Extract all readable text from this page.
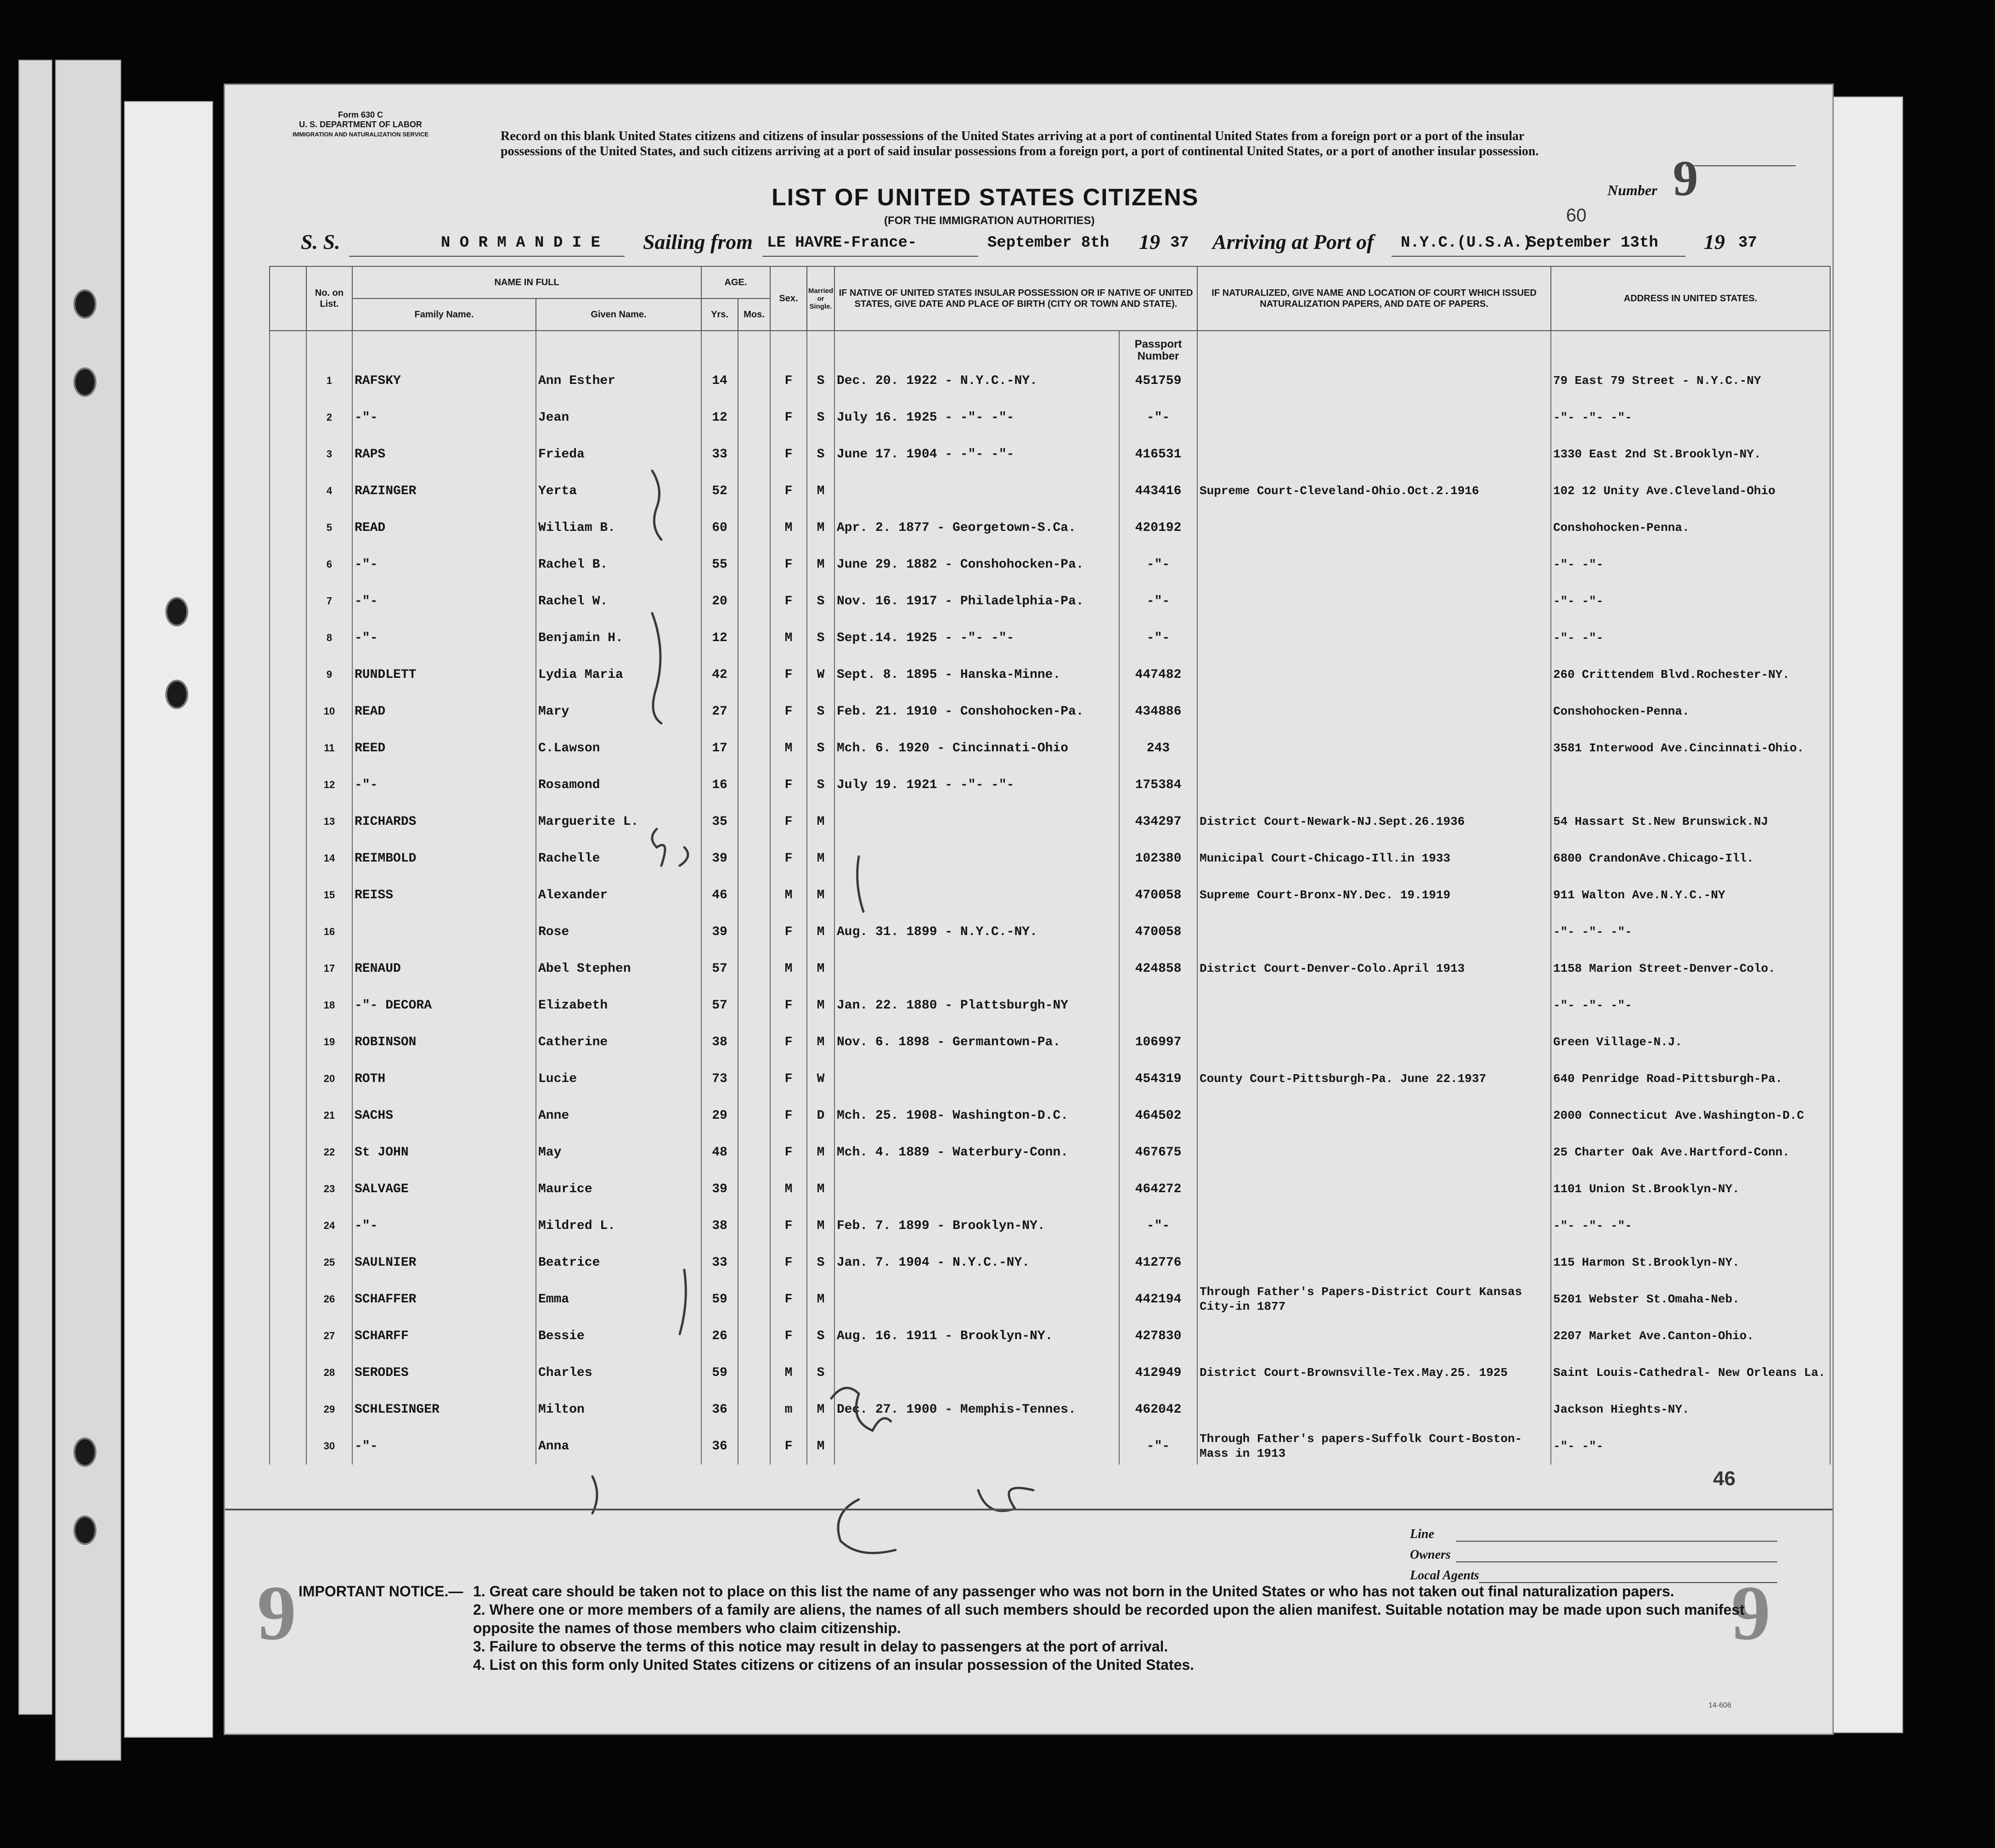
Form 630 C
U. S. DEPARTMENT OF LABOR
IMMIGRATION AND NATURALIZATION SERVICE	Record on this blank United States citizens and citizens of insular possessions of the United States arriving at a port of continental United States from a foreign port or a port of the insular possessions of the United States, and such citizens arriving at a port of said insular possessions from a foreign port, a port of continental United States, or a port of another insular possession.
Number 9
LIST OF UNITED STATES CITIZENS
(FOR THE IMMIGRATION AUTHORITIES)	60
S. S.	N O R M A N D I E Sailing from LE HAVRE-France-	September 8th 19 37 Arriving at Port of N.Y.C.(U.S.A.)
September 13th 19 37
	No. on List.	NAME IN FULL		AGE.		Sex.	Married or Single.	IF NATIVE OF UNITED STATES INSULAR POSSESSION OR IF NATIVE OF UNITED STATES, GIVE DATE AND PLACE OF BIRTH (CITY OR TOWN AND STATE).		IF NATURALIZED, GIVE NAME AND LOCATION OF COURT WHICH ISSUED NATURALIZATION PAPERS, AND DATE OF PAPERS.	ADDRESS IN UNITED STATES.
		Family Name.	Given Name.	Yrs.	Mos.						
									Passport Number		
	1	RAFSKY	Ann Esther	14		F	S	Dec. 20. 1922 - N.Y.C.-NY.	451759		79 East 79 Street - N.Y.C.-NY
	2	-"-	Jean	12		F	S	July 16. 1925 - -"- -"-	-"-		-"- -"- -"-
	3	RAPS	Frieda	33		F	S	June 17. 1904 - -"- -"-	416531		1330 East 2nd St.Brooklyn-NY.
	4	RAZINGER	Yerta	52		F	M		443416	Supreme Court-Cleveland-Ohio.Oct.2.1916	102 12 Unity Ave.Cleveland-Ohio
	5	READ	William B.	60		M	M	Apr. 2. 1877 - Georgetown-S.Ca.	420192		Conshohocken-Penna.
	6	-"-	Rachel B.	55		F	M	June 29. 1882 - Conshohocken-Pa.	-"-		-"- -"-
	7	-"-	Rachel W.	20		F	S	Nov. 16. 1917 - Philadelphia-Pa.	-"-		-"- -"-
	8	-"-	Benjamin H.	12		M	S	Sept.14. 1925 - -"- -"-	-"-		-"- -"-
	9	RUNDLETT	Lydia Maria	42		F	W	Sept. 8. 1895 - Hanska-Minne.	447482		260 Crittendem Blvd.Rochester-NY.
	10	READ	Mary	27		F	S	Feb. 21. 1910 - Conshohocken-Pa.	434886		Conshohocken-Penna.
	11	REED	C.Lawson	17		M	S	Mch. 6. 1920 - Cincinnati-Ohio	243		3581 Interwood Ave.Cincinnati-Ohio.
	12	-"-	Rosamond	16		F	S	July 19. 1921 - -"- -"-	175384		
	13	RICHARDS	Marguerite L.	35		F	M		434297	District Court-Newark-NJ.Sept.26.1936	54 Hassart St.New Brunswick.NJ
	14	REIMBOLD	Rachelle	39		F	M		102380	Municipal Court-Chicago-Ill.in 1933	6800 CrandonAve.Chicago-Ill.
	15	REISS	Alexander	46		M	M		470058	Supreme Court-Bronx-NY.Dec. 19.1919	911 Walton Ave.N.Y.C.-NY
	16		Rose	39		F	M	Aug. 31. 1899 - N.Y.C.-NY.	470058		-"- -"- -"-
	17	RENAUD	Abel Stephen	57		M	M		424858	District Court-Denver-Colo.April 1913	1158 Marion Street-Denver-Colo.
	18	-"- DECORA	Elizabeth	57		F	M	Jan. 22. 1880 - Plattsburgh-NY			-"- -"- -"-
	19	ROBINSON	Catherine	38		F	M	Nov. 6. 1898 - Germantown-Pa.	106997		Green Village-N.J.
	20	ROTH	Lucie	73		F	W		454319	County Court-Pittsburgh-Pa. June 22.1937	640 Penridge Road-Pittsburgh-Pa.
	21	SACHS	Anne	29		F	D	Mch. 25. 1908- Washington-D.C.	464502		2000 Connecticut Ave.Washington-D.C
	22	St JOHN	May	48		F	M	Mch. 4. 1889 - Waterbury-Conn.	467675		25 Charter Oak Ave.Hartford-Conn.
	23	SALVAGE	Maurice	39		M	M		464272		1101 Union St.Brooklyn-NY.
	24	-"-	Mildred L.	38		F	M	Feb. 7. 1899 - Brooklyn-NY.	-"-		-"- -"- -"-
	25	SAULNIER	Beatrice	33		F	S	Jan. 7. 1904 - N.Y.C.-NY.	412776		115 Harmon St.Brooklyn-NY.
	26	SCHAFFER	Emma	59		F	M		442194	Through Father's Papers-District Court Kansas City-in 1877	5201 Webster St.Omaha-Neb.
	27	SCHARFF	Bessie	26		F	S	Aug. 16. 1911 - Brooklyn-NY.	427830		2207 Market Ave.Canton-Ohio.
	28	SERODES	Charles	59		M	S		412949	District Court-Brownsville-Tex.May.25. 1925	Saint Louis-Cathedral- New Orleans La.
	29	SCHLESINGER	Milton	36		m	M	Dec. 27. 1900 - Memphis-Tennes.	462042		Jackson Hieghts-NY.
	30	-"-	Anna	36		F	M		-"-	Through Father's papers-Suffolk Court-Boston-Mass in 1913	-"- -"-
46
Line
Owners
Local Agents
9	9
IMPORTANT NOTICE.— 1. Great care should be taken not to place on this list the name of any passenger who was not born in the United States or who has not taken out final naturalization papers.
2. Where one or more members of a family are aliens, the names of all such members should be recorded upon the alien manifest. Suitable notation may be made upon such manifest opposite the names of those members who claim citizenship.
3. Failure to observe the terms of this notice may result in delay to passengers at the port of arrival.
4. List on this form only United States citizens or citizens of an insular possession of the United States.
14-606
